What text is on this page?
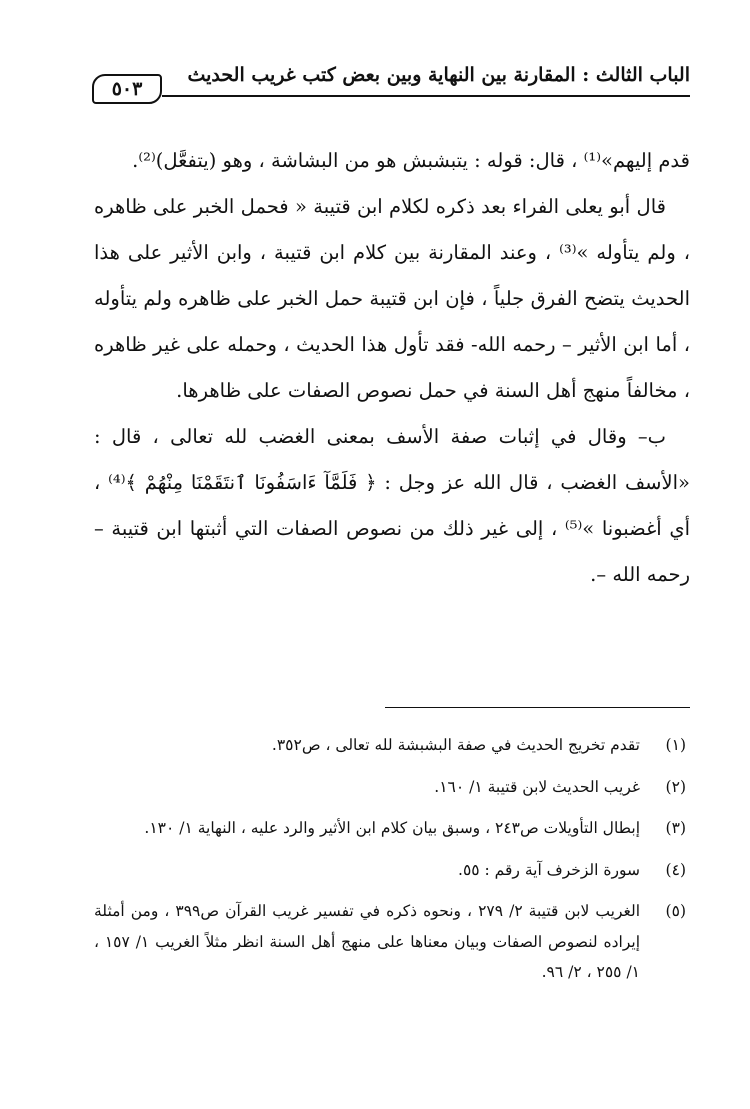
الباب الثالث : المقارنة بين النهاية وبين بعض كتب غريب الحديث
٥٠٣

قدم إليهم»⁽¹⁾ ، قال: قوله : يتبشبش هو من البشاشة ، وهو (يتفعَّل)⁽²⁾.

قال أبو يعلى الفراء بعد ذكره لكلام ابن قتيبة « فحمل الخبر على ظاهره ، ولم يتأوله »⁽³⁾ ، وعند المقارنة بين كلام ابن قتيبة ، وابن الأثير على هذا الحديث يتضح الفرق جلياً ، فإن ابن قتيبة حمل الخبر على ظاهره ولم يتأوله ، أما ابن الأثير – رحمه الله- فقد تأول هذا الحديث ، وحمله على غير ظاهره ، مخالفاً منهج أهل السنة في حمل نصوص الصفات على ظاهرها.

ب– وقال في إثبات صفة الأسف بمعنى الغضب لله تعالى ، قال : «الأسف الغضب ، قال الله عز وجل : ﴿ فَلَمَّآ ءَاسَفُونَا ٱنتَقَمْنَا مِنْهُمْ ﴾⁽⁴⁾ ، أي أغضبونا »⁽⁵⁾ ، إلى غير ذلك من نصوص الصفات التي أثبتها ابن قتيبة – رحمه الله –.

(١)
تقدم تخريج الحديث في صفة البشبشة لله تعالى ، ص٣٥٢.
(٢)
غريب الحديث لابن قتيبة ١/ ١٦٠.
(٣)
إبطال التأويلات ص٢٤٣ ، وسبق بيان كلام ابن الأثير والرد عليه ، النهاية ١/ ١٣٠.
(٤)
سورة الزخرف آية رقم : ٥٥.
(٥)
الغريب لابن قتيبة ٢/ ٢٧٩ ، ونحوه ذكره في تفسير غريب القرآن ص٣٩٩ ، ومن أمثلة إيراده لنصوص الصفات وبيان معناها على منهج أهل السنة انظر مثلاً الغريب ١/ ١٥٧ ، ١/ ٢٥٥ ، ٢/ ٩٦.
